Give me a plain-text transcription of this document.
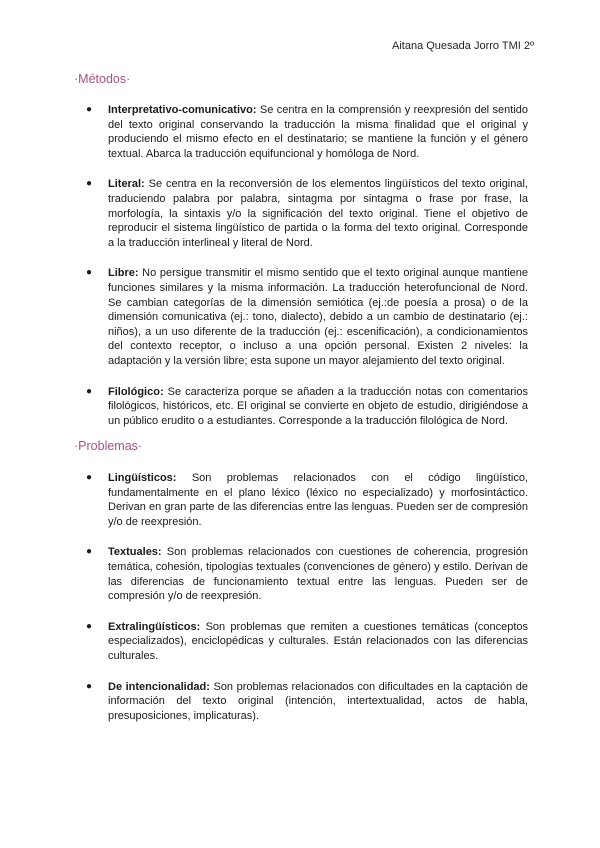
Aitana Quesada Jorro TMI 2º
·Métodos·
● Interpretativo-comunicativo: Se centra en la comprensión y reexpresión del sentido del texto original conservando la traducción la misma finalidad que el original y produciendo el mismo efecto en el destinatario; se mantiene la función y el género textual. Abarca la traducción equifuncional y homóloga de Nord.
● Literal: Se centra en la reconversión de los elementos lingüísticos del texto original, traduciendo palabra por palabra, sintagma por sintagma o frase por frase, la morfología, la sintaxis y/o la significación del texto original. Tiene el objetivo de reproducir el sistema lingüístico de partida o la forma del texto original. Corresponde a la traducción interlineal y literal de Nord.
● Libre: No persigue transmitir el mismo sentido que el texto original aunque mantiene funciones similares y la misma información. La traducción heterofuncional de Nord. Se cambian categorías de la dimensión semiótica (ej.:de poesía a prosa) o de la dimensión comunicativa (ej.: tono, dialecto), debido a un cambio de destinatario (ej.: niños), a un uso diferente de la traducción (ej.: escenificación), a condicionamientos del contexto receptor, o incluso a una opción personal. Existen 2 niveles: la adaptación y la versión libre; esta supone un mayor alejamiento del texto original.
● Filológico: Se caracteriza porque se añaden a la traducción notas con comentarios filológicos, históricos, etc. El original se convierte en objeto de estudio, dirigiéndose a un público erudito o a estudiantes. Corresponde a la traducción filológica de Nord.
·Problemas·
● Lingüísticos: Son problemas relacionados con el código lingüístico, fundamentalmente en el plano léxico (léxico no especializado) y morfosintáctico. Derivan en gran parte de las diferencias entre las lenguas. Pueden ser de compresión y/o de reexpresión.
● Textuales: Son problemas relacionados con cuestiones de coherencia, progresión temática, cohesión, tipologías textuales (convenciones de género) y estilo. Derivan de las diferencias de funcionamiento textual entre las lenguas. Pueden ser de compresión y/o de reexpresión.
● Extralingüísticos: Son problemas que remiten a cuestiones temáticas (conceptos especializados), enciclopédicas y culturales. Están relacionados con las diferencias culturales.
● De intencionalidad: Son problemas relacionados con dificultades en la captación de información del texto original (intención, intertextualidad, actos de habla, presuposiciones, implicaturas).
